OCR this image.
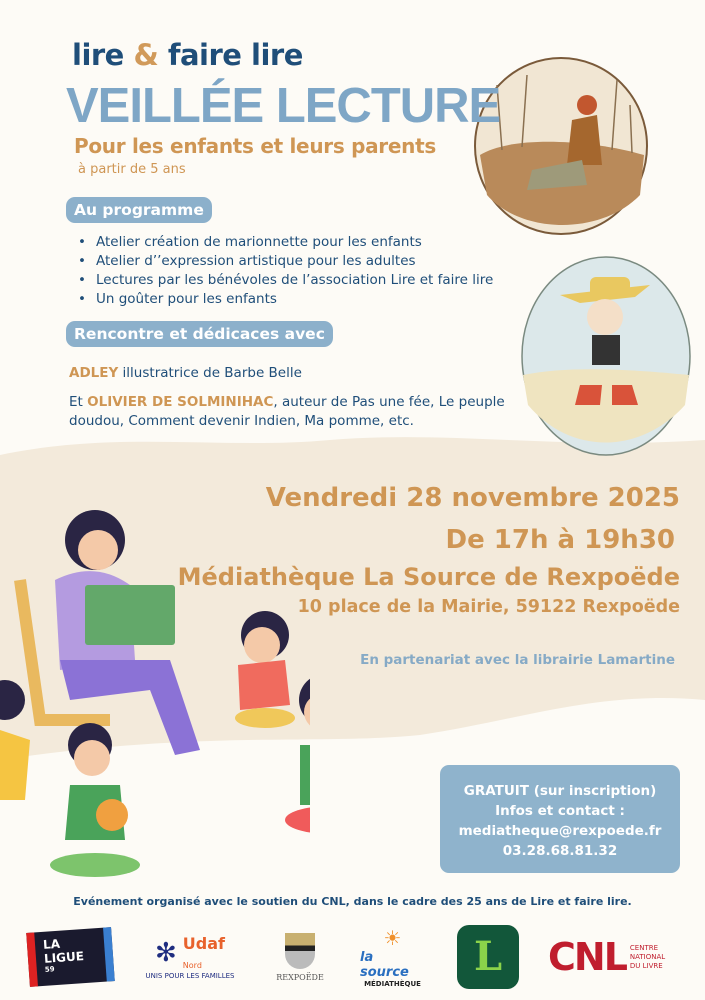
lire & faire lire
VEILLÉE LECTURE
Pour les enfants et leurs parents
à partir de 5 ans
Au programme
• Atelier création de marionnette pour les enfants
• Atelier d’’expression artistique pour les adultes
• Lectures par les bénévoles de l’association Lire et faire lire
• Un goûter pour les enfants
Rencontre et dédicaces avec
ADLEY illustratrice de Barbe Belle
Et OLIVIER DE SOLMINIHAC, auteur de Pas une fée, Le peuple
doudou, Comment devenir Indien, Ma pomme, etc.
Vendredi 28 novembre 2025
De 17h à 19h30
Médiathèque La Source de Rexpoëde
10 place de la Mairie, 59122 Rexpoëde
En partenariat avec la librairie Lamartine
GRATUIT (sur inscription)
Infos et contact :
mediatheque@rexpoede.fr
03.28.68.81.32
Evénement organisé avec le soutien du CNL, dans le cadre des 25 ans de Lire et faire lire.
LA LIGUE $^{59}$
✻ Udaf
Nord
UNIS POUR LES FAMILLES	REXPOËDE
☀
la source
MÉDIATHÈQUE
L	CNL CENTRE NATIONAL DU LIVRE
